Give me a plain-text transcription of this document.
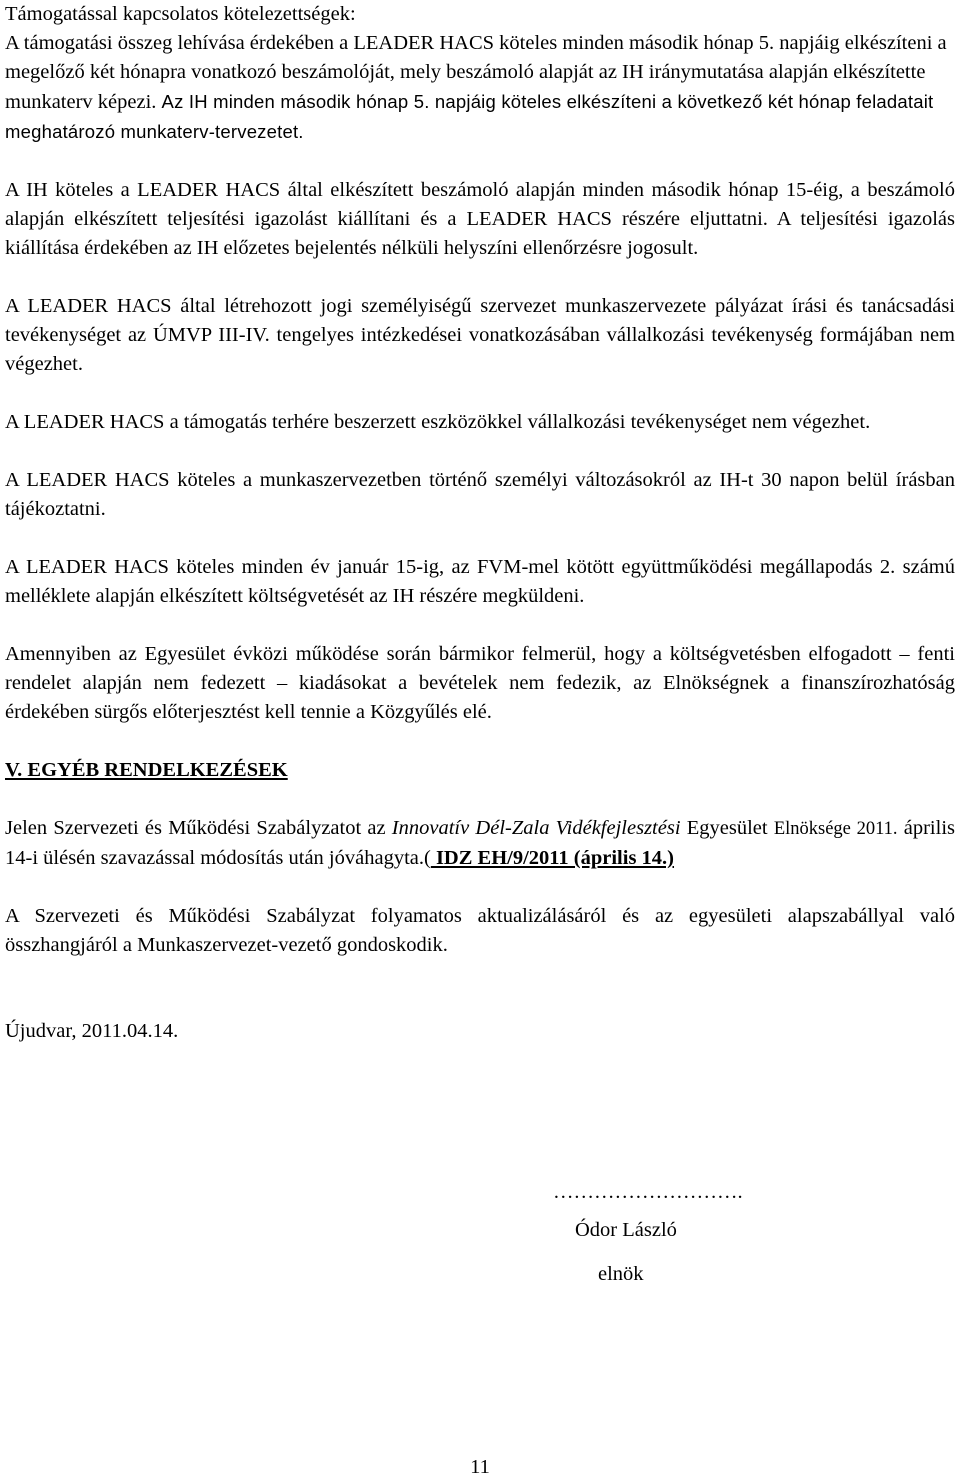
Támogatással kapcsolatos kötelezettségek:
A támogatási összeg lehívása érdekében a LEADER HACS köteles minden második hónap 5. napjáig elkészíteni a megelőző két hónapra vonatkozó beszámolóját, mely beszámoló alapját az IH iránymutatása alapján elkészítette munkaterv képezi. Az IH minden második hónap 5. napjáig köteles elkészíteni a következő két hónap feladatait meghatározó munkaterv-tervezetet.

A IH köteles a LEADER HACS által elkészített beszámoló alapján minden második hónap 15-éig, a beszámoló alapján elkészített teljesítési igazolást kiállítani és a LEADER HACS részére eljuttatni. A teljesítési igazolás kiállítása érdekében az IH előzetes bejelentés nélküli helyszíni ellenőrzésre jogosult.

A LEADER HACS által létrehozott jogi személyiségű szervezet munkaszervezete pályázat írási és tanácsadási tevékenységet az ÚMVP III-IV. tengelyes intézkedései vonatkozásában vállalkozási tevékenység formájában nem végezhet.

A LEADER HACS a támogatás terhére beszerzett eszközökkel vállalkozási tevékenységet nem végezhet.

A LEADER HACS köteles a munkaszervezetben történő személyi változásokról az IH-t 30 napon belül írásban tájékoztatni.

A LEADER HACS köteles minden év január 15-ig, az FVM-mel kötött együttműködési megállapodás 2. számú melléklete alapján elkészített költségvetését az IH részére megküldeni.

Amennyiben az Egyesület évközi működése során bármikor felmerül, hogy a költségvetésben elfogadott – fenti rendelet alapján nem fedezett – kiadásokat a bevételek nem fedezik, az Elnökségnek a finanszírozhatóság érdekében sürgős előterjesztést kell tennie a Közgyűlés elé.

V. EGYÉB RENDELKEZÉSEK

Jelen Szervezeti és Működési Szabályzatot az Innovatív Dél-Zala Vidékfejlesztési Egyesület Elnöksége 2011. április 14-i ülésén szavazással módosítás után jóváhagyta.( IDZ EH/9/2011 (április 14.)

A Szervezeti és Működési Szabályzat folyamatos aktualizálásáról és az egyesületi alapszabállyal való összhangjáról a Munkaszervezet-vezető gondoskodik.

Újudvar, 2011.04.14.

……………………….
Ódor László
elnök
11
